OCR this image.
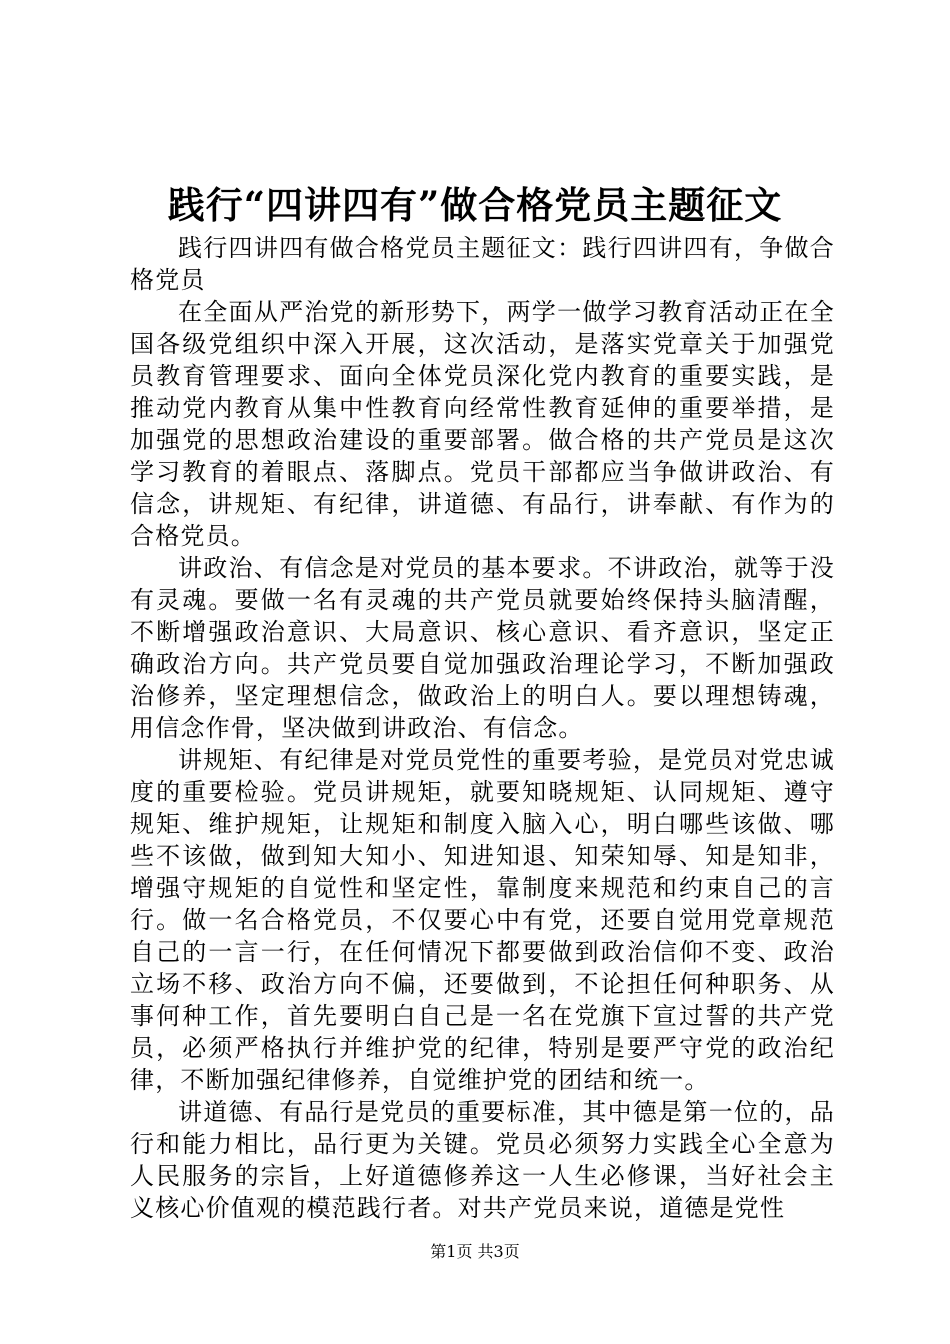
践行“四讲四有”做合格党员主题征文

践行四讲四有做合格党员主题征文：践行四讲四有，争做合格党员

在全面从严治党的新形势下，两学一做学习教育活动正在全国各级党组织中深入开展，这次活动，是落实党章关于加强党员教育管理要求、面向全体党员深化党内教育的重要实践，是推动党内教育从集中性教育向经常性教育延伸的重要举措，是加强党的思想政治建设的重要部署。做合格的共产党员是这次学习教育的着眼点、落脚点。党员干部都应当争做讲政治、有信念，讲规矩、有纪律，讲道德、有品行，讲奉献、有作为的合格党员。

讲政治、有信念是对党员的基本要求。不讲政治，就等于没有灵魂。要做一名有灵魂的共产党员就要始终保持头脑清醒，不断增强政治意识、大局意识、核心意识、看齐意识，坚定正确政治方向。共产党员要自觉加强政治理论学习，不断加强政治修养，坚定理想信念，做政治上的明白人。要以理想铸魂，用信念作骨，坚决做到讲政治、有信念。

讲规矩、有纪律是对党员党性的重要考验，是党员对党忠诚度的重要检验。党员讲规矩，就要知晓规矩、认同规矩、遵守规矩、维护规矩，让规矩和制度入脑入心，明白哪些该做、哪些不该做，做到知大知小、知进知退、知荣知辱、知是知非，增强守规矩的自觉性和坚定性，靠制度来规范和约束自己的言行。做一名合格党员，不仅要心中有党，还要自觉用党章规范自己的一言一行，在任何情况下都要做到政治信仰不变、政治立场不移、政治方向不偏，还要做到，不论担任何种职务、从事何种工作，首先要明白自己是一名在党旗下宣过誓的共产党员，必须严格执行并维护党的纪律，特别是要严守党的政治纪律，不断加强纪律修养，自觉维护党的团结和统一。

讲道德、有品行是党员的重要标准，其中德是第一位的，品行和能力相比，品行更为关键。党员必须努力实践全心全意为人民服务的宗旨，上好道德修养这一人生必修课，当好社会主义核心价值观的模范践行者。对共产党员来说，道德是党性

第1页 共3页
